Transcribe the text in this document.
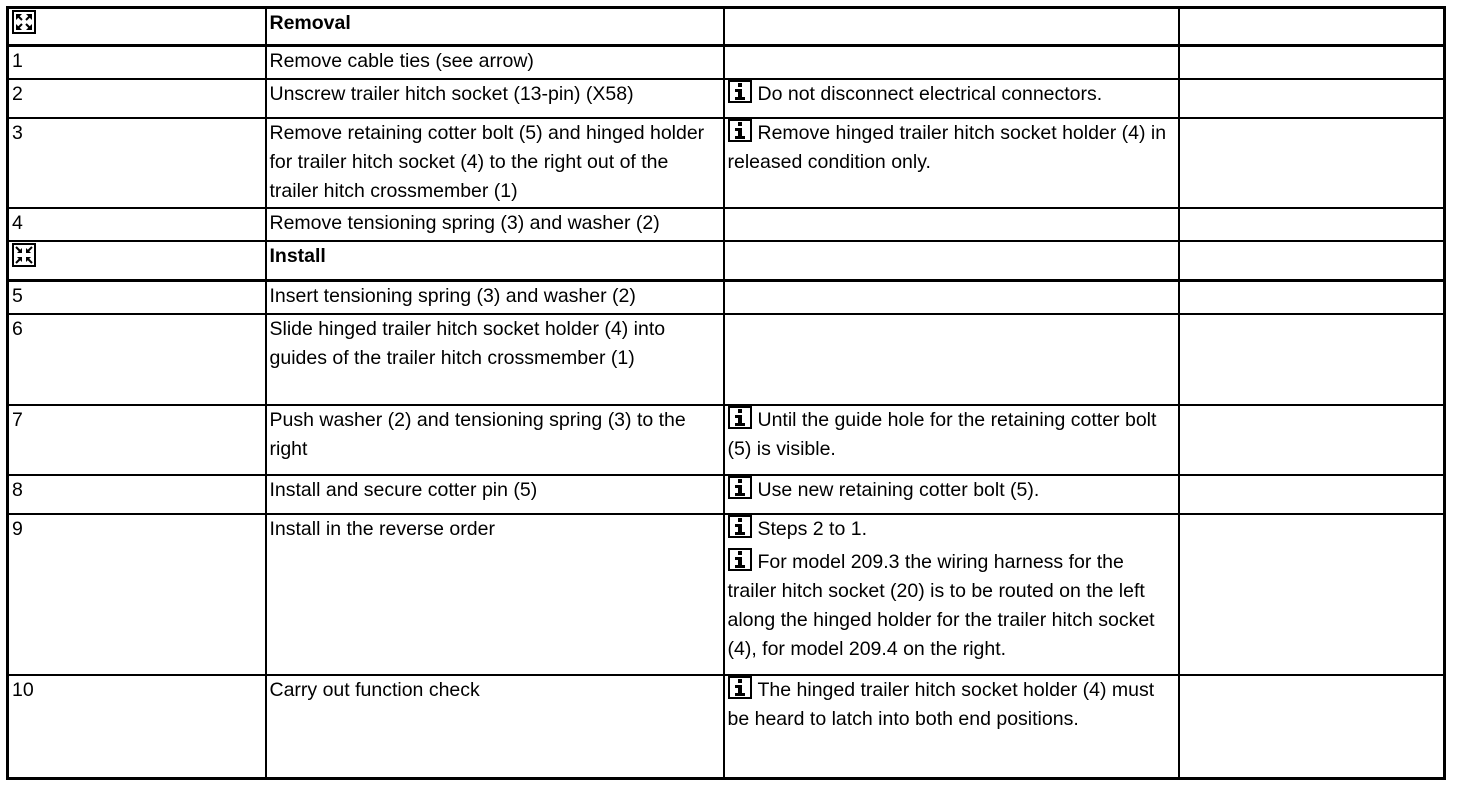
	Removal		
1	Remove cable ties (see arrow)		
2	Unscrew trailer hitch socket (13-pin) (X58)	Do not disconnect electrical connectors.	

3	Remove retaining cotter bolt (5) and hinged holder for trailer hitch socket (4) to the right out of the trailer hitch crossmember (1)	Remove hinged trailer hitch socket holder (4) in released condition only.	

4	Remove tensioning spring (3) and washer (2)		

	Install		
5	Insert tensioning spring (3) and washer (2)		
6	Slide hinged trailer hitch socket holder (4) into guides of the trailer hitch crossmember (1)		
7	Push washer (2) and tensioning spring (3) to the right	Until the guide hole for the retaining cotter bolt (5) is visible.	

8	Install and secure cotter pin (5)	Use new retaining cotter bolt (5).	

9	Install in the reverse order	Steps 2 to 1.
For model 209.3 the wiring harness for the trailer hitch socket (20) is to be routed on the left along the hinged holder for the trailer hitch socket (4), for model 209.4 on the right.	

10	Carry out function check	The hinged trailer hitch socket holder (4) must be heard to latch into both end positions.	
